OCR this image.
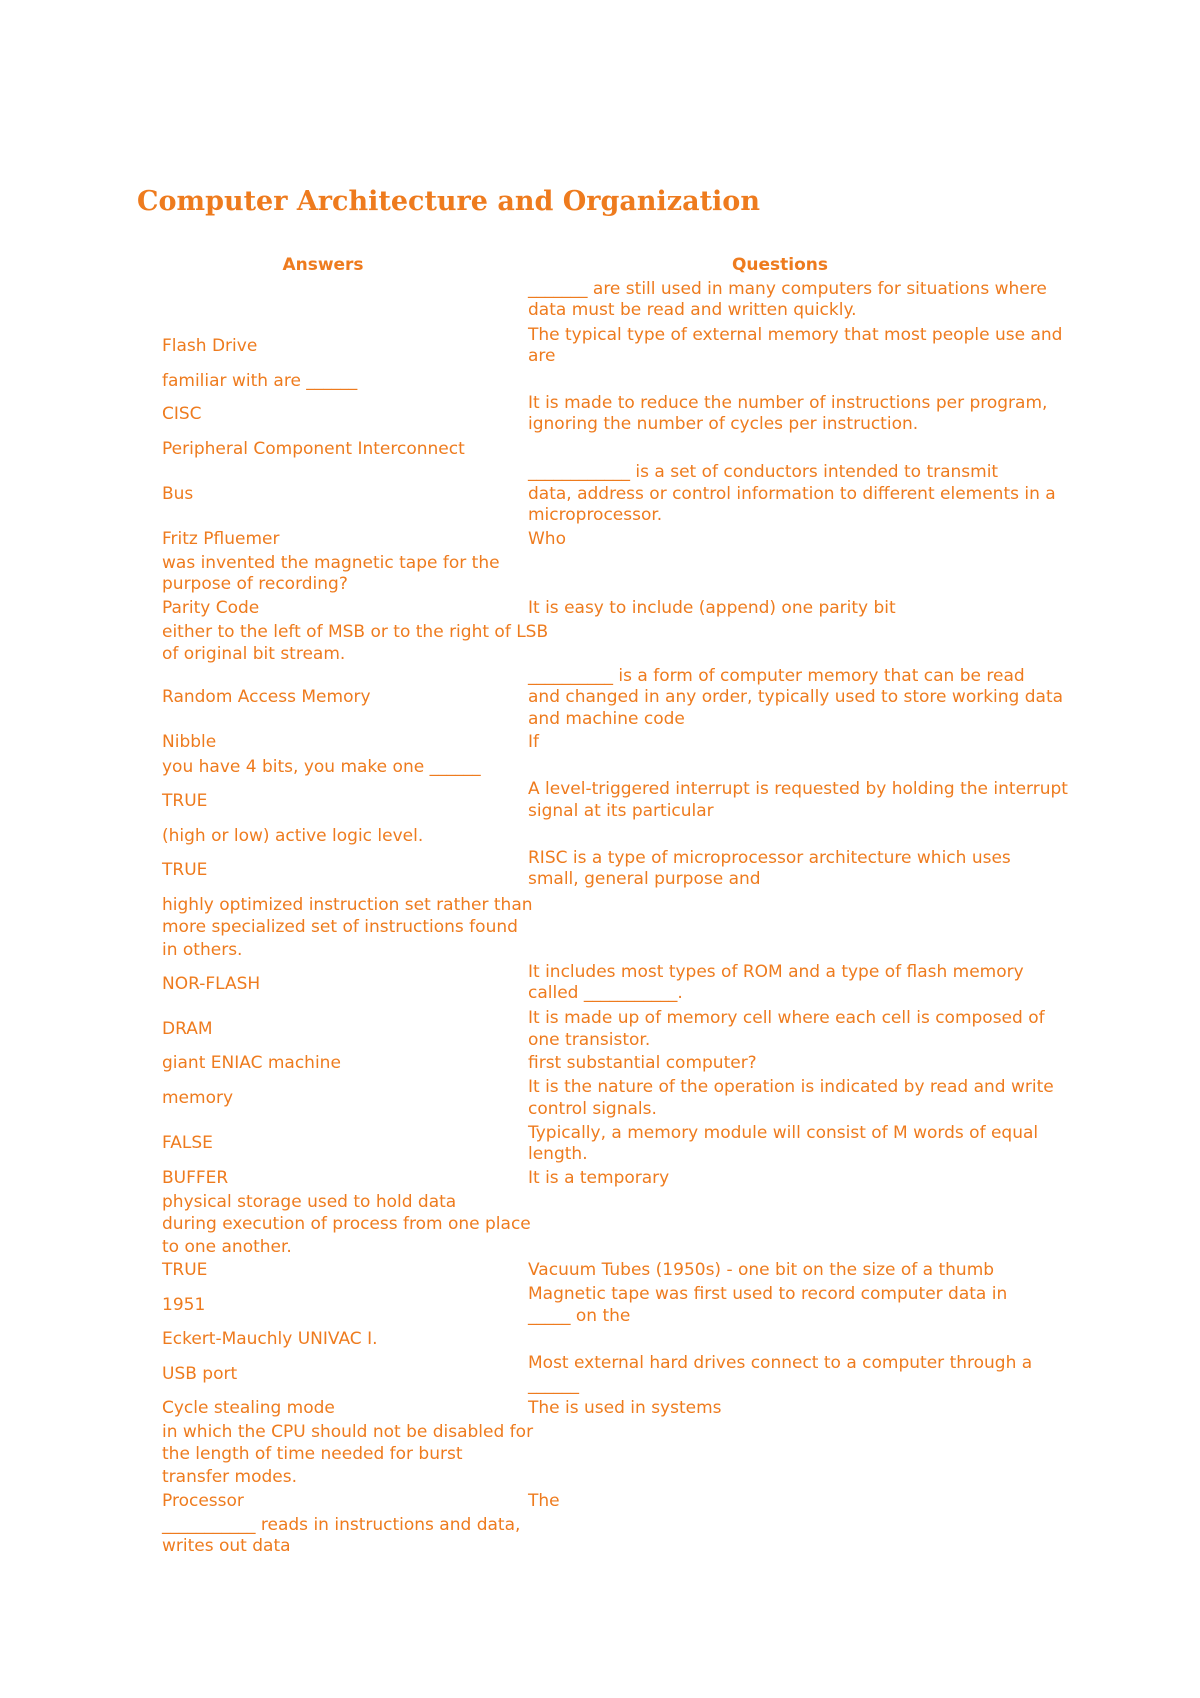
Computer Architecture and Organization
Answers	Questions

Flash Drive

familiar with are ______

CISC

Peripheral Component Interconnect

Bus

Fritz Pfluemer

was invented the magnetic tape for the

purpose of recording?

Parity Code

either to the left of MSB or to the right of LSB

of original bit stream.

Random Access Memory

Nibble

you have 4 bits, you make one ______

TRUE

(high or low) active logic level.

TRUE

highly optimized instruction set rather than

more specialized set of instructions found

in others.

NOR-FLASH

DRAM

giant ENIAC machine

memory

FALSE

BUFFER

physical storage used to hold data

during execution of process from one place

to one another.

TRUE

1951

Eckert-Mauchly UNIVAC I.

USB port

Cycle stealing mode

in which the CPU should not be disabled for

the length of time needed for burst

transfer modes.

Processor

___________ reads in instructions and data,

writes out data

_______ are still used in many computers for situations where

data must be read and written quickly.

The typical type of external memory that most people use and

are

It is made to reduce the number of instructions per program,

ignoring the number of cycles per instruction.

____________ is a set of conductors intended to transmit

data, address or control information to different elements in a

microprocessor.

Who

It is easy to include (append) one parity bit

__________ is a form of computer memory that can be read

and changed in any order, typically used to store working data

and machine code

If

A level-triggered interrupt is requested by holding the interrupt

signal at its particular

RISC is a type of microprocessor architecture which uses

small, general purpose and

It includes most types of ROM and a type of flash memory

called ___________.

It is made up of memory cell where each cell is composed of

one transistor.

first substantial computer?

It is the nature of the operation is indicated by read and write

control signals.

Typically, a memory module will consist of M words of equal

length.

It is a temporary

Vacuum Tubes (1950s) - one bit on the size of a thumb

Magnetic tape was first used to record computer data in

_____ on the

Most external hard drives connect to a computer through a

______

The is used in systems

The
